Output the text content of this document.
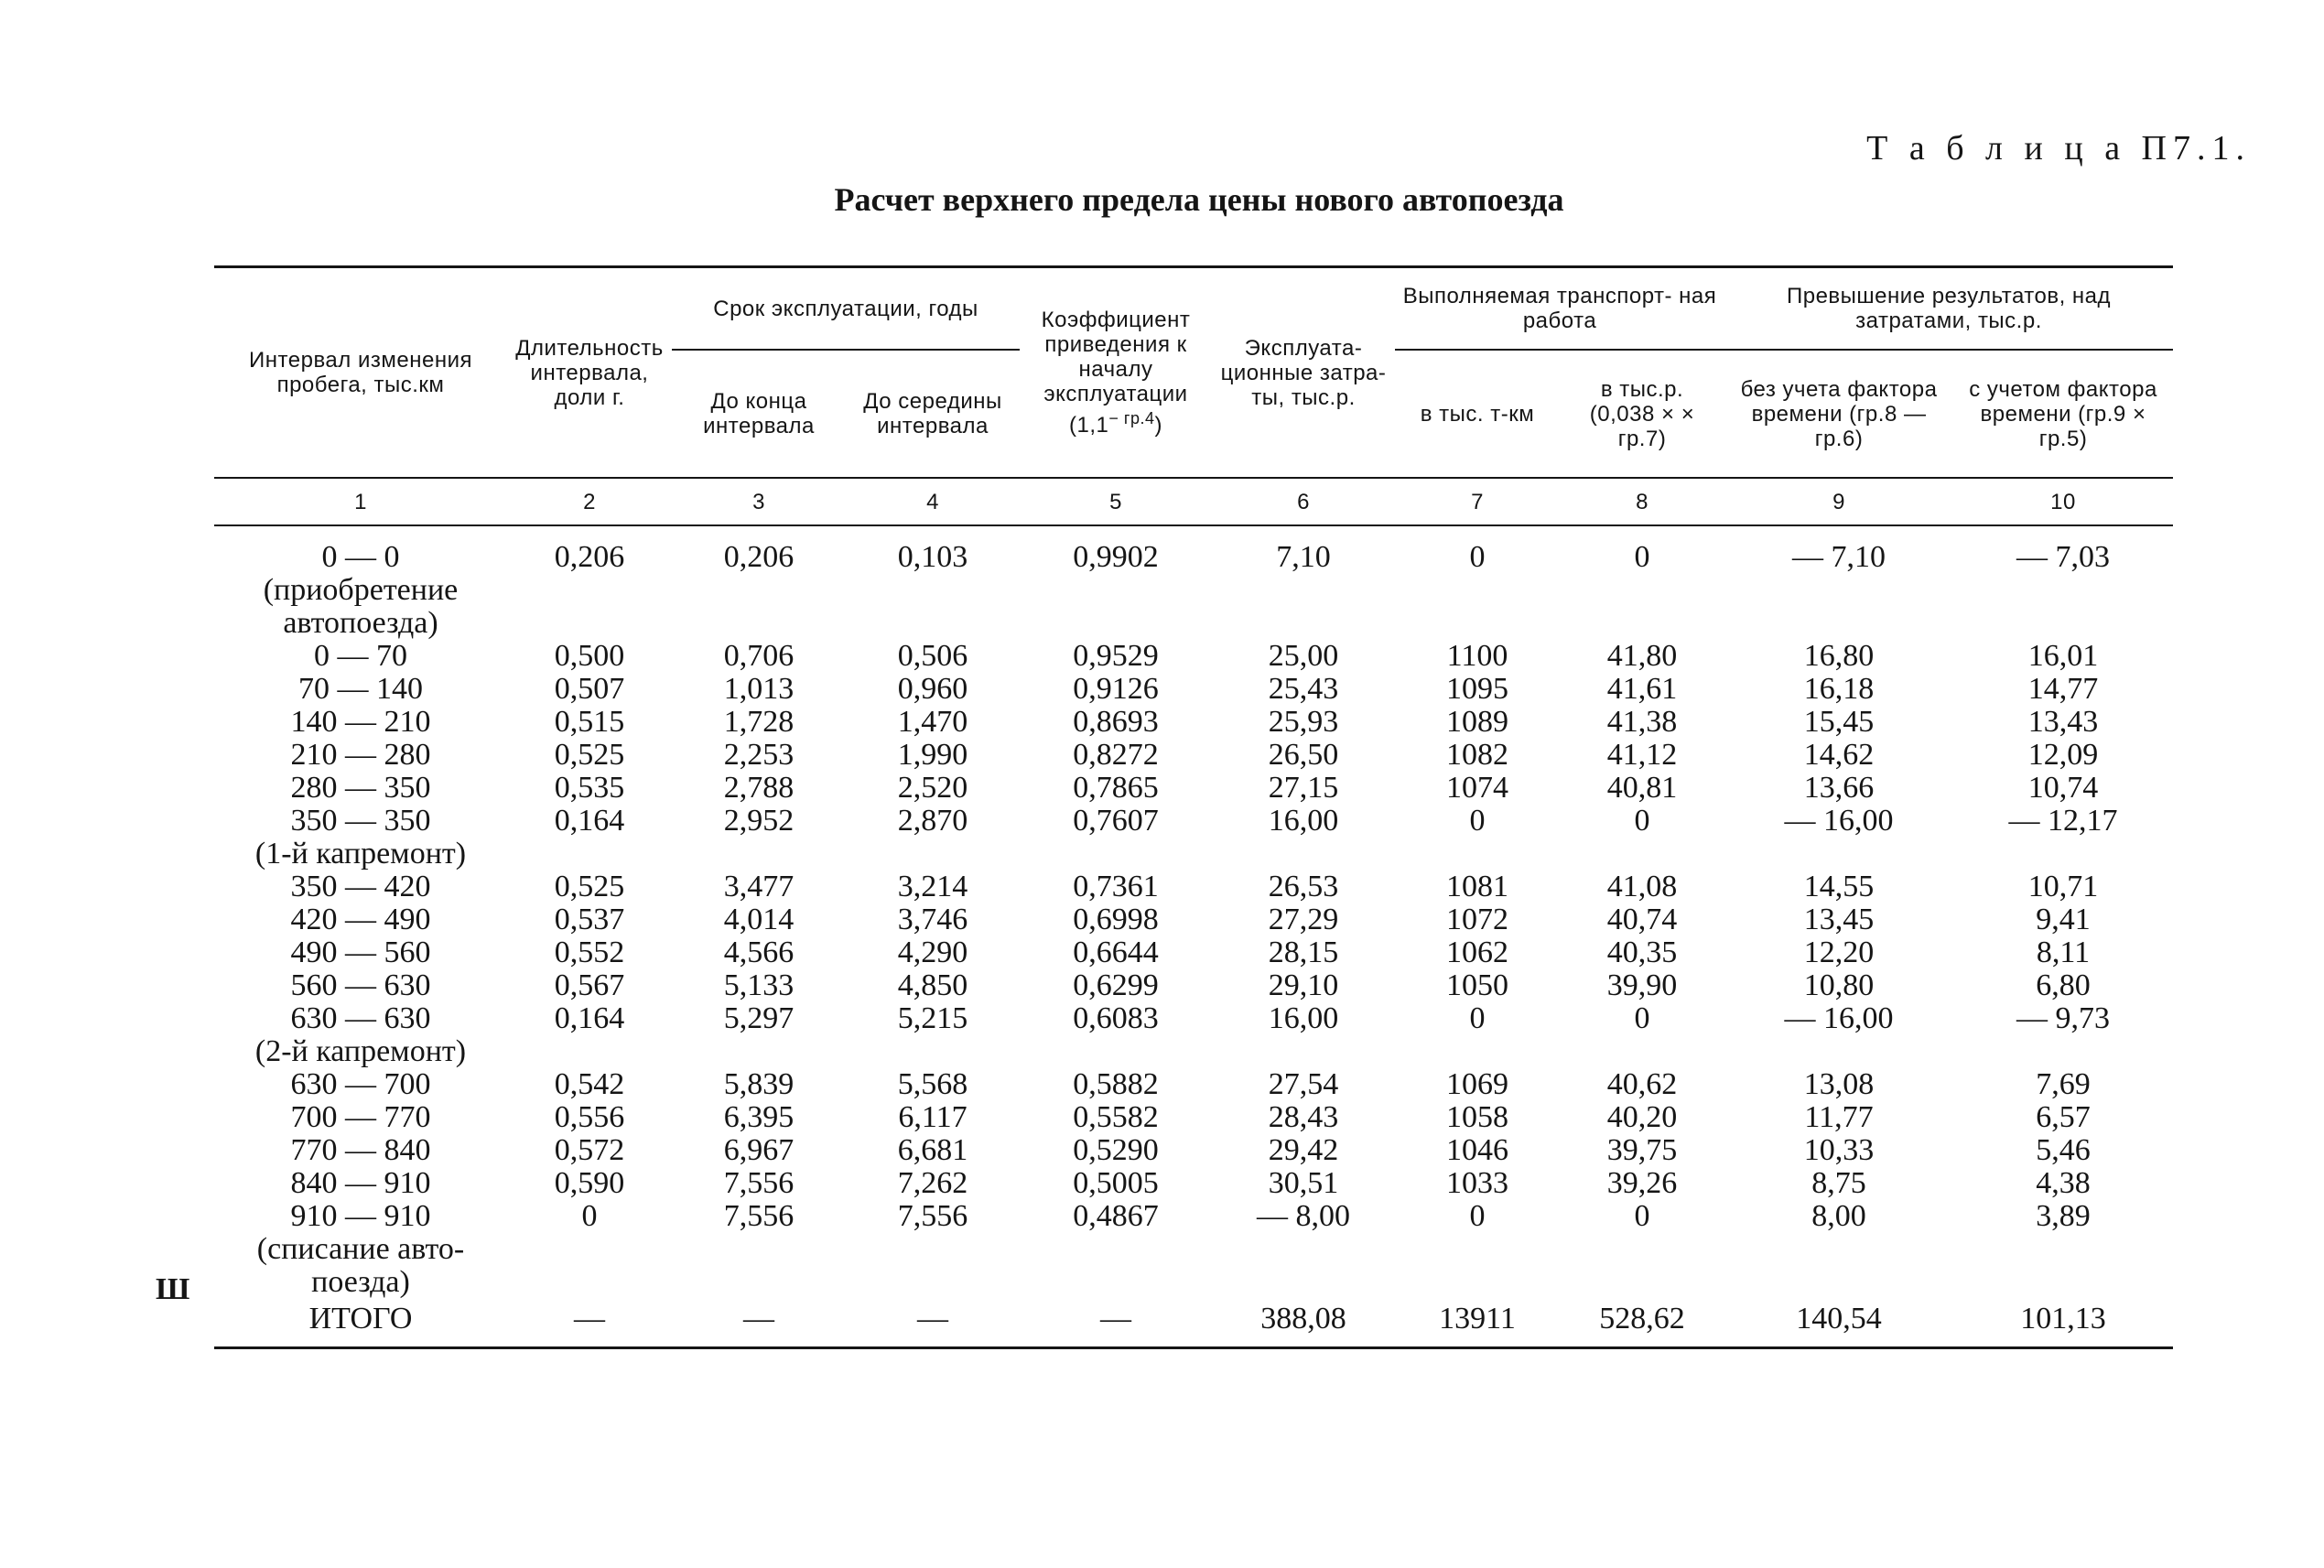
Т а б л и ц а П7.1.
Расчет верхнего предела цены нового автопоезда
Интервал изменения пробега, тыс.км	Длительность интервала, доли г.	Срок эксплуатации, годы		Коэффициент приведения к началу эксплуатации
$(1,1^{- гр.4})$	Эксплуата- ционные затра- ты, тыс.р.	Выполняемая транспорт- ная работа		Превышение результатов, над затратами, тыс.р.	
		До конца интервала	До середины интервала			в тыс. т-км	в тыс.р. (0,038 × × гр.7)	без учета фактора времени (гр.8 — гр.6)	с учетом фактора времени (гр.9 × гр.5)
1	2	3	4	5	6	7	8	9	10
0 — 0	0,206	0,206	0,103	0,9902	7,10	0	0	— 7,10	— 7,03
(приобретение									
автопоезда)									
0 — 70	0,500	0,706	0,506	0,9529	25,00	1100	41,80	16,80	16,01
70 — 140	0,507	1,013	0,960	0,9126	25,43	1095	41,61	16,18	14,77
140 — 210	0,515	1,728	1,470	0,8693	25,93	1089	41,38	15,45	13,43
210 — 280	0,525	2,253	1,990	0,8272	26,50	1082	41,12	14,62	12,09
280 — 350	0,535	2,788	2,520	0,7865	27,15	1074	40,81	13,66	10,74
350 — 350	0,164	2,952	2,870	0,7607	16,00	0	0	— 16,00	— 12,17
(1-й капремонт)									
350 — 420	0,525	3,477	3,214	0,7361	26,53	1081	41,08	14,55	10,71
420 — 490	0,537	4,014	3,746	0,6998	27,29	1072	40,74	13,45	9,41
490 — 560	0,552	4,566	4,290	0,6644	28,15	1062	40,35	12,20	8,11
560 — 630	0,567	5,133	4,850	0,6299	29,10	1050	39,90	10,80	6,80
630 — 630	0,164	5,297	5,215	0,6083	16,00	0	0	— 16,00	— 9,73
(2-й капремонт)									
630 — 700	0,542	5,839	5,568	0,5882	27,54	1069	40,62	13,08	7,69
700 — 770	0,556	6,395	6,117	0,5582	28,43	1058	40,20	11,77	6,57
770 — 840	0,572	6,967	6,681	0,5290	29,42	1046	39,75	10,33	5,46
840 — 910	0,590	7,556	7,262	0,5005	30,51	1033	39,26	8,75	4,38
910 — 910	0	7,556	7,556	0,4867	— 8,00	0	0	8,00	3,89
(списание авто-									
поезда)									
ИТОГО	—	—	—	—	388,08	13911	528,62	140,54	101,13
Ш
